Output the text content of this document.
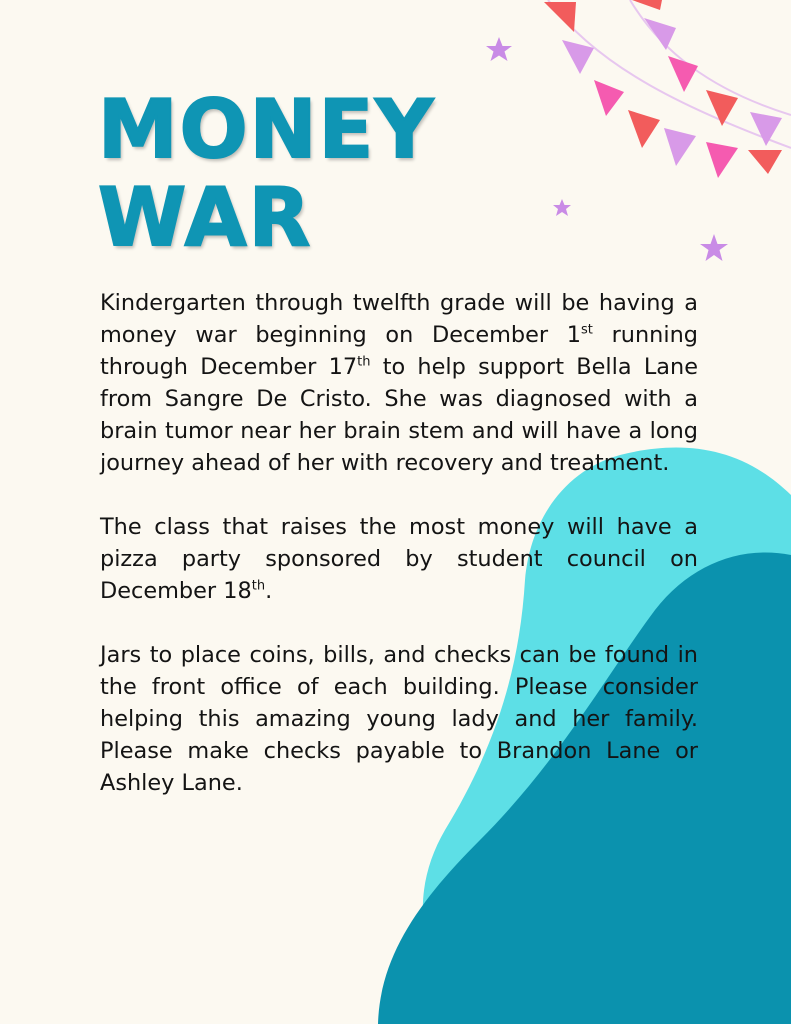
MONEY
WAR

Kindergarten through twelfth grade will be having a money war beginning on December 1st running through December 17th to help support Bella Lane from Sangre De Cristo. She was diagnosed with a brain tumor near her brain stem and will have a long journey ahead of her with recovery and treatment.

The class that raises the most money will have a pizza party sponsored by student council on December 18th.

Jars to place coins, bills, and checks can be found in the front office of each building. Please consider helping this amazing young lady and her family. Please make checks payable to Brandon Lane or Ashley Lane.
